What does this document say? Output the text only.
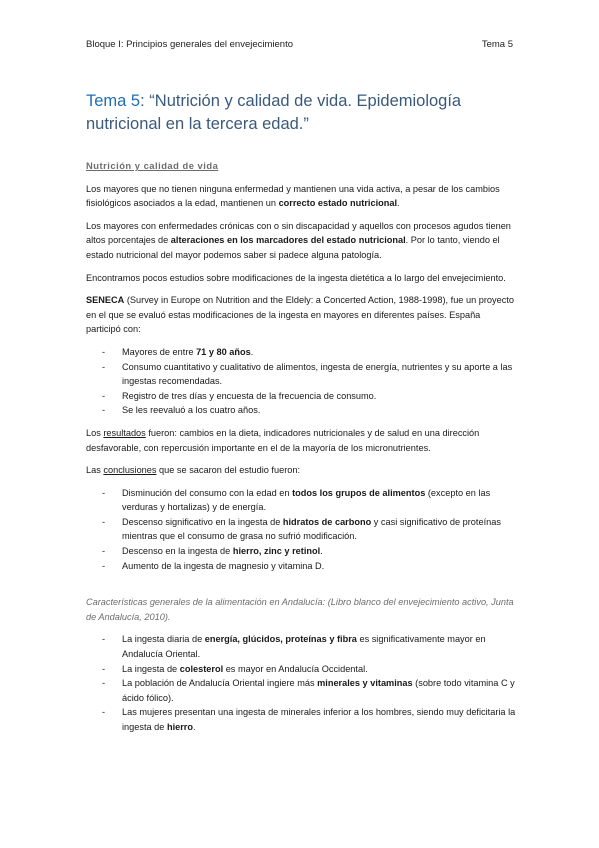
Bloque I: Principios generales del envejecimiento	Tema 5
Tema 5: “Nutrición y calidad de vida. Epidemiología nutricional en la tercera edad.”
Nutrición y calidad de vida

Los mayores que no tienen ninguna enfermedad y mantienen una vida activa, a pesar de los cambios fisiológicos asociados a la edad, mantienen un correcto estado nutricional.

Los mayores con enfermedades crónicas con o sin discapacidad y aquellos con procesos agudos tienen altos porcentajes de alteraciones en los marcadores del estado nutricional. Por lo tanto, viendo el estado nutricional del mayor podemos saber si padece alguna patología.

Encontramos pocos estudios sobre modificaciones de la ingesta dietética a lo largo del envejecimiento.

SENECA (Survey in Europe on Nutrition and the Eldely: a Concerted Action, 1988-1998), fue un proyecto en el que se evaluó estas modificaciones de la ingesta en mayores en diferentes países. España participó con:

- Mayores de entre 71 y 80 años.
- Consumo cuantitativo y cualitativo de alimentos, ingesta de energía, nutrientes y su aporte a las ingestas recomendadas.
- Registro de tres días y encuesta de la frecuencia de consumo.
- Se les reevaluó a los cuatro años.

Los resultados fueron: cambios en la dieta, indicadores nutricionales y de salud en una dirección desfavorable, con repercusión importante en el de la mayoría de los micronutrientes.

Las conclusiones que se sacaron del estudio fueron:

- Disminución del consumo con la edad en todos los grupos de alimentos (excepto en las verduras y hortalizas) y de energía.
- Descenso significativo en la ingesta de hidratos de carbono y casi significativo de proteínas mientras que el consumo de grasa no sufrió modificación.
- Descenso en la ingesta de hierro, zinc y retinol.
- Aumento de la ingesta de magnesio y vitamina D.
Características generales de la alimentación en Andalucía: (Libro blanco del envejecimiento activo, Junta de Andalucía, 2010).
- La ingesta diaria de energía, glúcidos, proteínas y fibra es significativamente mayor en Andalucía Oriental.
- La ingesta de colesterol es mayor en Andalucía Occidental.
- La población de Andalucía Oriental ingiere más minerales y vitaminas (sobre todo vitamina C y ácido fólico).
- Las mujeres presentan una ingesta de minerales inferior a los hombres, siendo muy deficitaria la ingesta de hierro.
